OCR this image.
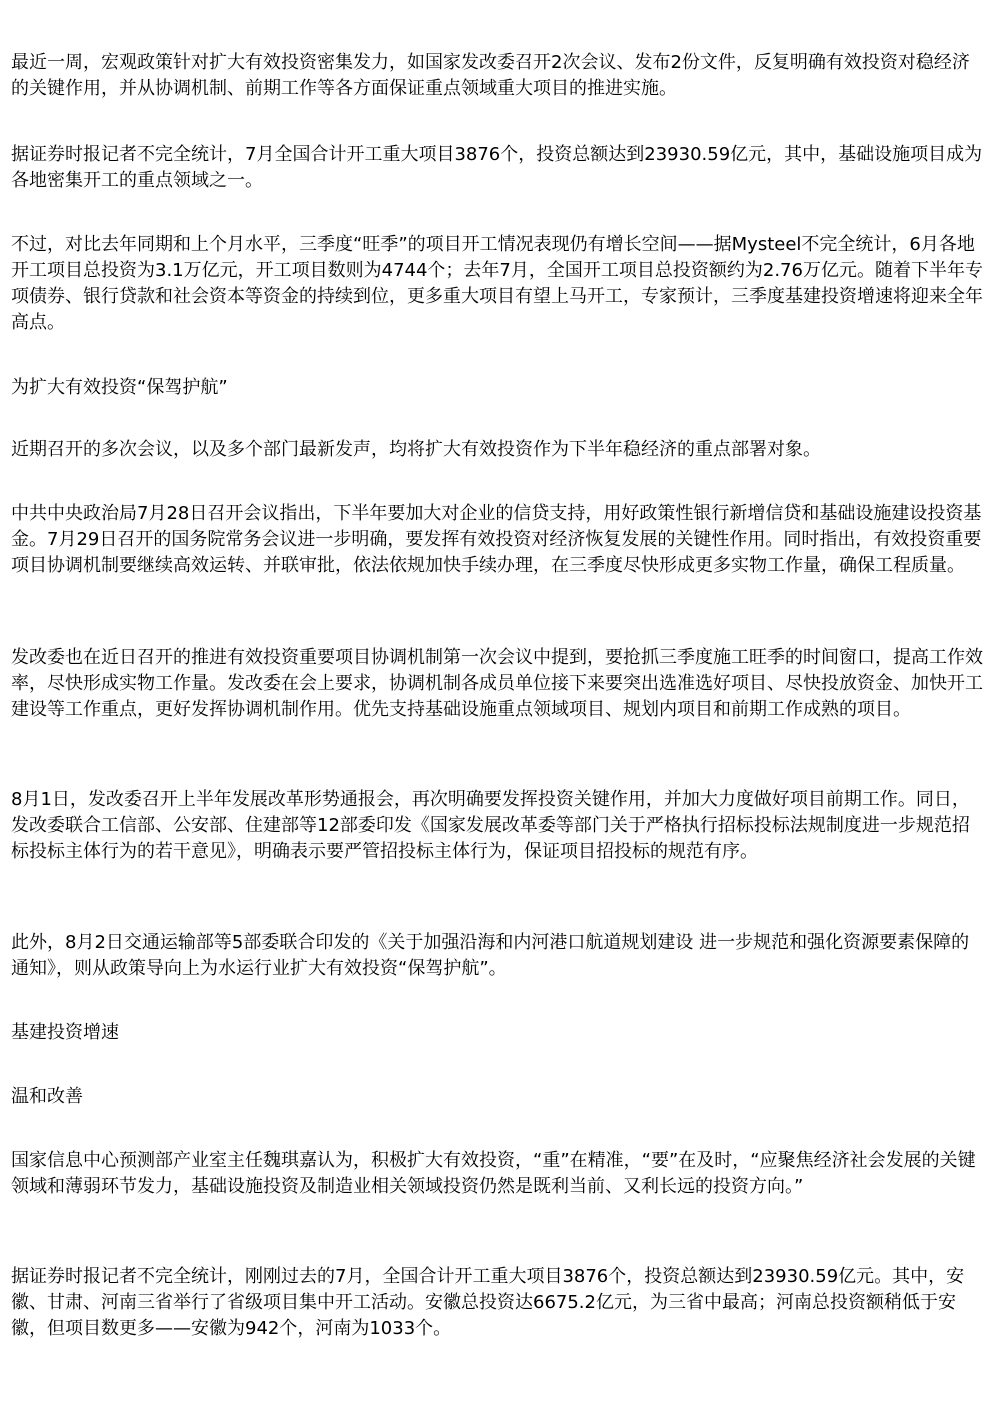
最近一周，宏观政策针对扩大有效投资密集发力，如国家发改委召开2次会议、发布2份文件，反复明确有效投资对稳经济的关键作用，并从协调机制、前期工作等各方面保证重点领域重大项目的推进实施。

据证券时报记者不完全统计，7月全国合计开工重大项目3876个，投资总额达到23930.59亿元，其中，基础设施项目成为各地密集开工的重点领域之一。

不过，对比去年同期和上个月水平，三季度“旺季”的项目开工情况表现仍有增长空间——据Mysteel不完全统计，6月各地开工项目总投资为3.1万亿元，开工项目数则为4744个；去年7月，全国开工项目总投资额约为2.76万亿元。随着下半年专项债券、银行贷款和社会资本等资金的持续到位，更多重大项目有望上马开工，专家预计，三季度基建投资增速将迎来全年高点。

为扩大有效投资“保驾护航”

近期召开的多次会议，以及多个部门最新发声，均将扩大有效投资作为下半年稳经济的重点部署对象。

中共中央政治局7月28日召开会议指出，下半年要加大对企业的信贷支持，用好政策性银行新增信贷和基础设施建设投资基金。7月29日召开的国务院常务会议进一步明确，要发挥有效投资对经济恢复发展的关键性作用。同时指出，有效投资重要项目协调机制要继续高效运转、并联审批，依法依规加快手续办理，在三季度尽快形成更多实物工作量，确保工程质量。

发改委也在近日召开的推进有效投资重要项目协调机制第一次会议中提到，要抢抓三季度施工旺季的时间窗口，提高工作效率，尽快形成实物工作量。发改委在会上要求，协调机制各成员单位接下来要突出选准选好项目、尽快投放资金、加快开工建设等工作重点，更好发挥协调机制作用。优先支持基础设施重点领域项目、规划内项目和前期工作成熟的项目。

8月1日，发改委召开上半年发展改革形势通报会，再次明确要发挥投资关键作用，并加大力度做好项目前期工作。同日，发改委联合工信部、公安部、住建部等12部委印发《国家发展改革委等部门关于严格执行招标投标法规制度进一步规范招标投标主体行为的若干意见》，明确表示要严管招投标主体行为，保证项目招投标的规范有序。

此外，8月2日交通运输部等5部委联合印发的《关于加强沿海和内河港口航道规划建设 进一步规范和强化资源要素保障的通知》，则从政策导向上为水运行业扩大有效投资“保驾护航”。

基建投资增速

温和改善

国家信息中心预测部产业室主任魏琪嘉认为，积极扩大有效投资，“重”在精准，“要”在及时，“应聚焦经济社会发展的关键领域和薄弱环节发力，基础设施投资及制造业相关领域投资仍然是既利当前、又利长远的投资方向。”

据证券时报记者不完全统计，刚刚过去的7月，全国合计开工重大项目3876个，投资总额达到23930.59亿元。其中，安徽、甘肃、河南三省举行了省级项目集中开工活动。安徽总投资达6675.2亿元，为三省中最高；河南总投资额稍低于安徽，但项目数更多——安徽为942个，河南为1033个。
